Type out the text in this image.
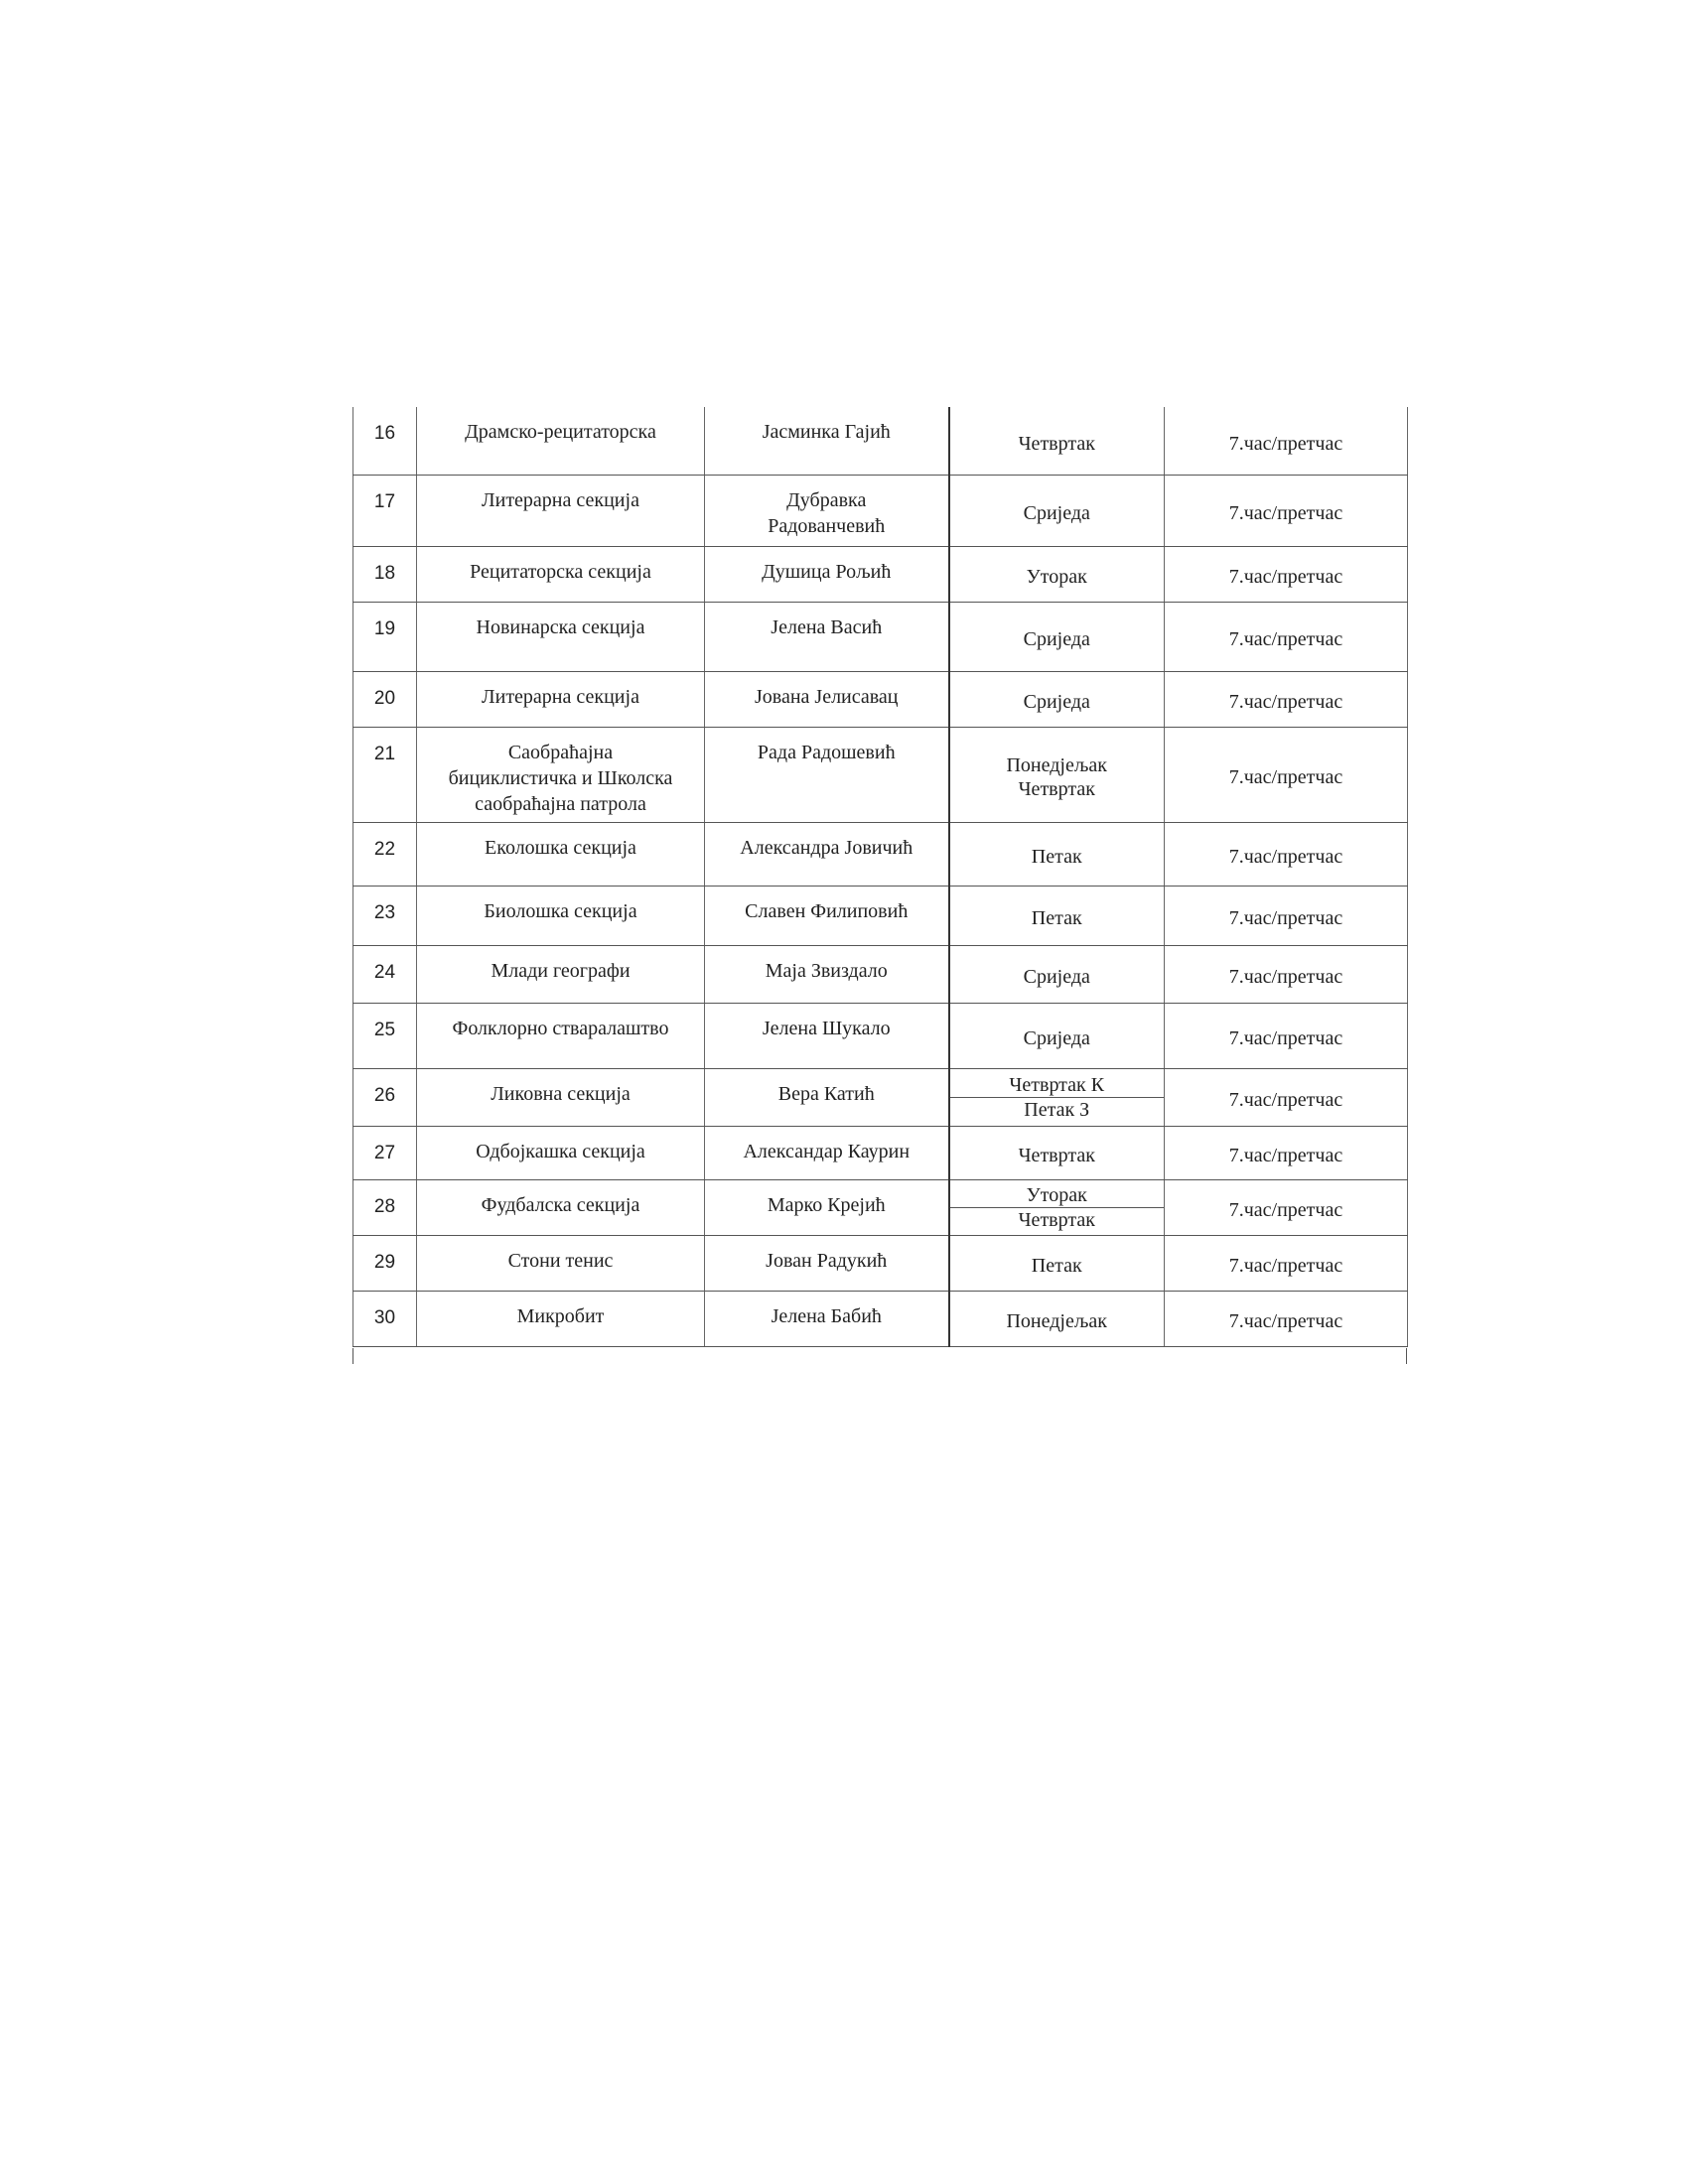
16	Драмско-рецитаторска	Јасминка Гајић	Четвртак	7.час/претчас
17	Литерарна секција	Дубравка
Радованчевић	Сриједа	7.час/претчас
18	Рецитаторска секција	Душица Рољић	Уторак	7.час/претчас
19	Новинарска секција	Јелена Васић	Сриједа	7.час/претчас
20	Литерарна секција	Јована Јелисавац	Сриједа	7.час/претчас
21	Саобраћајна
бициклистичка и Школска
саобраћајна патрола	Рада Радошевић	Понедјељак
Четвртак	7.час/претчас
22	Еколошка секција	Александра Јовичић	Петак	7.час/претчас
23	Биолошка секција	Славен Филиповић	Петак	7.час/претчас
24	Млади географи	Маја Звиздало	Сриједа	7.час/претчас
25	Фолклорно стваралаштво	Јелена Шукало	Сриједа	7.час/претчас
26	Ликовна секција	Вера Катић	Четвртак К
Петак З	7.час/претчас
27	Одбојкашка секција	Александар Каурин	Четвртак	7.час/претчас
28	Фудбалска секција	Марко Крејић	Уторак
Четвртак	7.час/претчас
29	Стони тенис	Јован Радукић	Петак	7.час/претчас
30	Микробит	Јелена Бабић	Понедјељак	7.час/претчас
